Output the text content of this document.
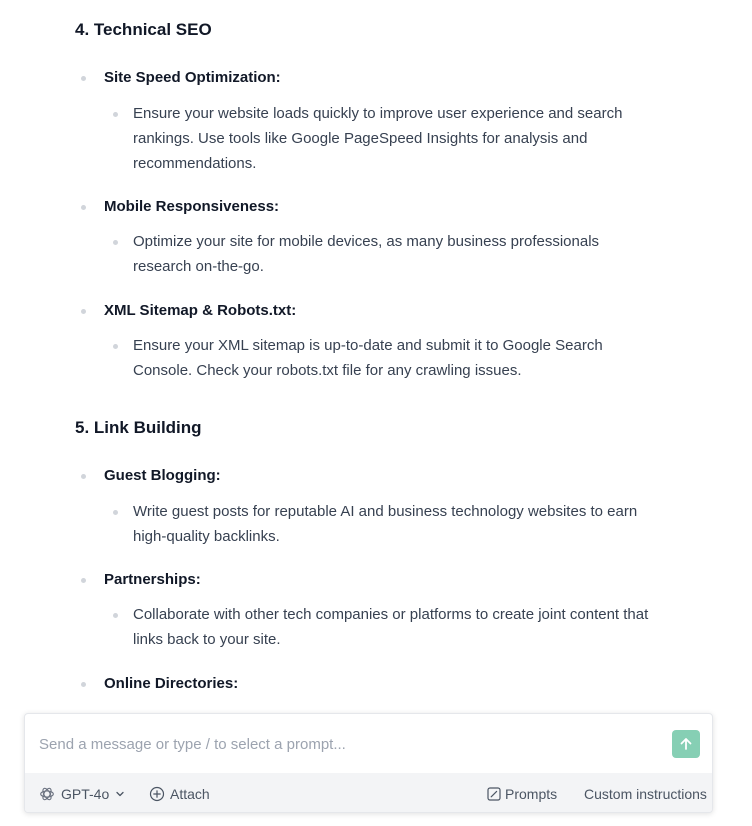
4. Technical SEO
Site Speed Optimization:
Ensure your website loads quickly to improve user experience and search
rankings. Use tools like Google PageSpeed Insights for analysis and
recommendations.
Mobile Responsiveness:
Optimize your site for mobile devices, as many business professionals
research on-the-go.
XML Sitemap & Robots.txt:
Ensure your XML sitemap is up-to-date and submit it to Google Search
Console. Check your robots.txt file for any crawling issues.
5. Link Building
Guest Blogging:
Write guest posts for reputable AI and business technology websites to earn
high-quality backlinks.
Partnerships:
Collaborate with other tech companies or platforms to create joint content that
links back to your site.
Online Directories:
Send a message or type / to select a prompt...
GPT-4o	Attach	Prompts Custom instructions
